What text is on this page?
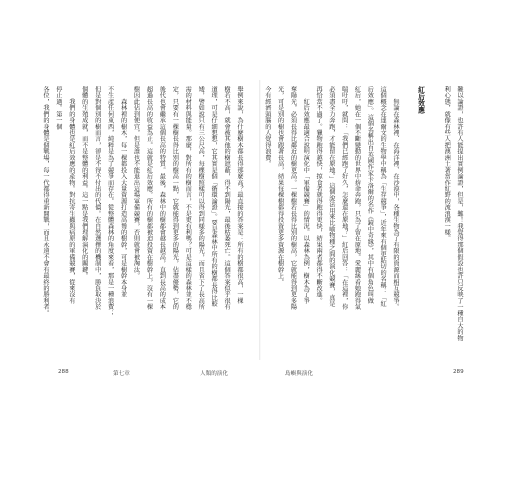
難以論證，也許有人能提出實例論證，但是，難！我覺得那個假設也許只反映了一種自大的物
利心態，就像有些人把澳洲土著當作紅野的流浪漢一樣。
紅后效應
　　無論在森林裡、在海洋裡、在沙漠中，各種生物為了有限的資源而相互競爭。
這個概念在達爾文的生物學中稱為「生存競爭」，近年來有個更貼切的名稱：「紅
后效應」。這個名稱出自英國作家卡洛爾的名作《鏡中奇緣》，其中有個角色叫做
紅后，她在一個不斷變動的世界中拚命奔跑，只為了留在原地。愛麗絲看她跑得氣
喘吁吁，就問：「我們已經跑了好久，怎麼還在原地？」紅后回答：「在這裡，你
必須盡全力奔跑，才能留在原地。」這個說法用來比喻物種之間的演化競賽，真是
再恰當不過了。獵物跑得越快，掠食者就得跑得更快，結果兩者都得不斷改進。
　　紅后效應最適合說明演化中「軍備競賽」的情況。以森林為例，樹木為了爭
奪陽光，必須長得比鄰近的樹更高。一棵樹若長得比別的樹高，它就能得到更多陽
光，可是別的樹也會跟著長高，結果每棵樹都得投資更多資源在樹幹上。
今有經濟頭腦的人覺得浪費。
舉例來說，為什麼樹木都長得那麼高？最直接的答案是：所有的樹都很高，一棵
樹若不高，就會被其他的樹遮蔽，得不到陽光，最後枯萎死亡。這個答案似乎很有
道理，可是仔細想想，它其實是個「循環論證」。要是森林中所有的樹都長得比較
矮，譬如說只有三公尺高，每棵樹照樣可以得到同樣多的陽光，而且省下了長高所
需的材料與能量。那麼，對所有的樹而言，不是更有利嗎？可是這樣的森林並不穩
定，只要有一棵樹長得比別的樹高一點，它就能得到更多的陽光，佔盡優勢，它的
後代也會繼承這個長高的特質。最後，森林中的樹都會越長越高，直到長高的成本
超過長高的收益為止。這就是紅后效應。所有的樹都被迫投資在樹幹上，沒有一棵
樹因此佔到便宜，但是誰也不能退出這場軍備競賽，否則就會被淘汰。
　　森林裡的樹木，每一棵都投入大量資源打造高聳的樹幹，可是樹幹本身並
不生產任何東西，純粹是為了競爭而存在。從整體森林的角度來看，那是一種浪費；
但是對個別的樹而言，卻是不得不付出的代價。在自然選擇的機制中，勝負取決於
個體的生殖成就，而不是整體的利益。這一點是我們理解演化的關鍵。
　　我們的身體也是紅后效應的產物。對抗寄生蟲與病原的軍備競賽，從來沒有
停止過。第一個
各位，我們的身體是個戰場，每一代都得重新開戰，而且永遠不會有最終的勝利者。
288	第七章	人類的演化	島嶼與演化	289
